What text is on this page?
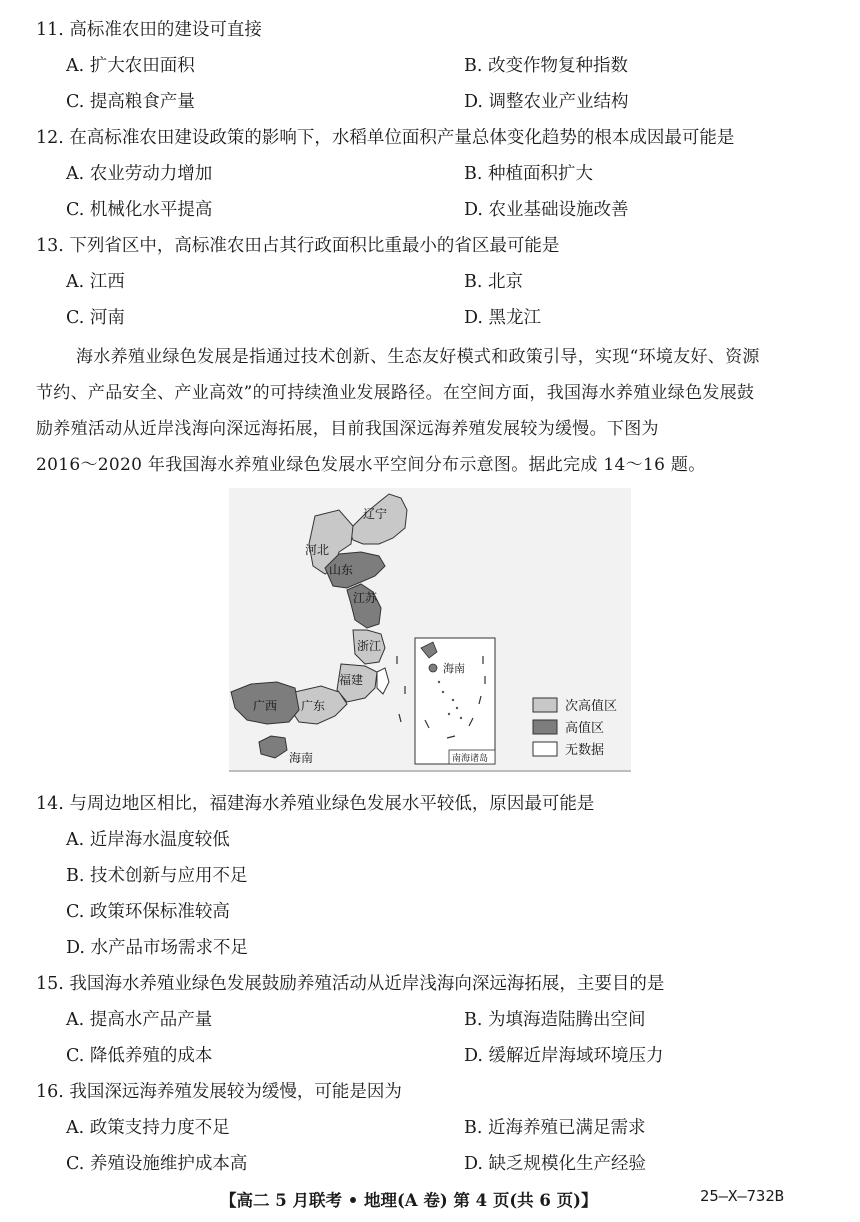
11. 高标准农田的建设可直接
A. 扩大农田面积	B. 改变作物复种指数
C. 提高粮食产量	D. 调整农业产业结构
12. 在高标准农田建设政策的影响下，水稻单位面积产量总体变化趋势的根本成因最可能是
A. 农业劳动力增加	B. 种植面积扩大
C. 机械化水平提高	D. 农业基础设施改善
13. 下列省区中，高标准农田占其行政面积比重最小的省区最可能是
A. 江西	B. 北京
C. 河南	D. 黑龙江
海水养殖业绿色发展是指通过技术创新、生态友好模式和政策引导，实现“环境友好、资源
节约、产品安全、产业高效”的可持续渔业发展路径。在空间方面，我国海水养殖业绿色发展鼓
励养殖活动从近岸浅海向深远海拓展，目前我国深远海养殖发展较为缓慢。下图为
2016～2020 年我国海水养殖业绿色发展水平空间分布示意图。据此完成 14～16 题。
辽宁
河北
山东
江苏
浙江
福建
广东
广西
海南
海南
南海诸岛
次高值区
高值区
无数据
14. 与周边地区相比，福建海水养殖业绿色发展水平较低，原因最可能是
A. 近岸海水温度较低
B. 技术创新与应用不足
C. 政策环保标准较高
D. 水产品市场需求不足
15. 我国海水养殖业绿色发展鼓励养殖活动从近岸浅海向深远海拓展，主要目的是
A. 提高水产品产量	B. 为填海造陆腾出空间
C. 降低养殖的成本	D. 缓解近岸海域环境压力
16. 我国深远海养殖发展较为缓慢，可能是因为
A. 政策支持力度不足	B. 近海养殖已满足需求
C. 养殖设施维护成本高	D. 缺乏规模化生产经验
【高二 5 月联考 • 地理(A 卷) 第 4 页(共 6 页)】	25—X—732B
